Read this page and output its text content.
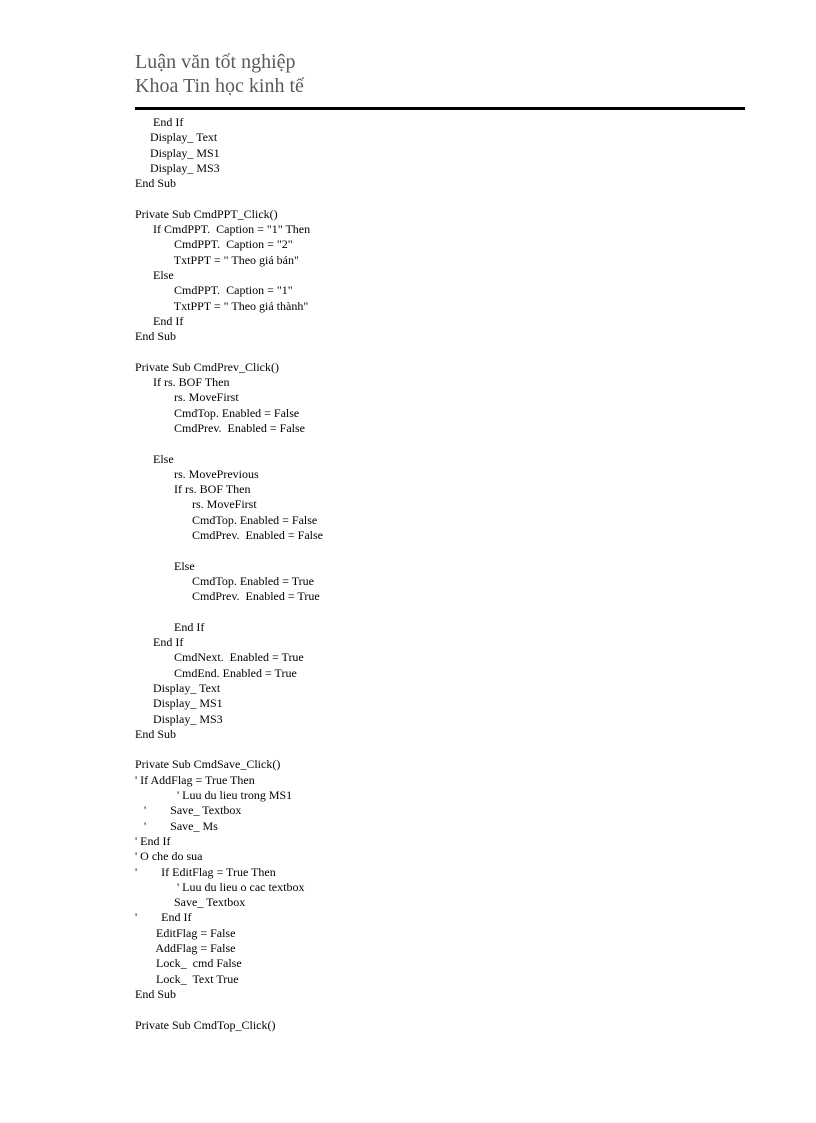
Luận văn tốt nghiệp
Khoa Tin học kinh tế
End If
Display_ Text
Display_ MS1
Display_ MS3
End Sub
Private Sub CmdPPT_Click()
If CmdPPT.  Caption = "1" Then
CmdPPT.  Caption = "2"
TxtPPT = " Theo giá bán"
Else
CmdPPT.  Caption = "1"
TxtPPT = " Theo giá thành"
End If
End Sub
Private Sub CmdPrev_Click()
If rs. BOF Then
rs. MoveFirst
CmdTop. Enabled = False
CmdPrev.  Enabled = False
Else
rs. MovePrevious
If rs. BOF Then
rs. MoveFirst
CmdTop. Enabled = False
CmdPrev.  Enabled = False
Else
CmdTop. Enabled = True
CmdPrev.  Enabled = True
End If
End If
CmdNext.  Enabled = True
CmdEnd. Enabled = True
Display_ Text
Display_ MS1
Display_ MS3
End Sub
Private Sub CmdSave_Click()
' If AddFlag = True Then
' Luu du lieu trong MS1
'        Save_ Textbox
'        Save_ Ms
' End If
' O che do sua
'        If EditFlag = True Then
' Luu du lieu o cac textbox
Save_ Textbox
'        End If
EditFlag = False
AddFlag = False
Lock_  cmd False
Lock_  Text True
End Sub
Private Sub CmdTop_Click()
